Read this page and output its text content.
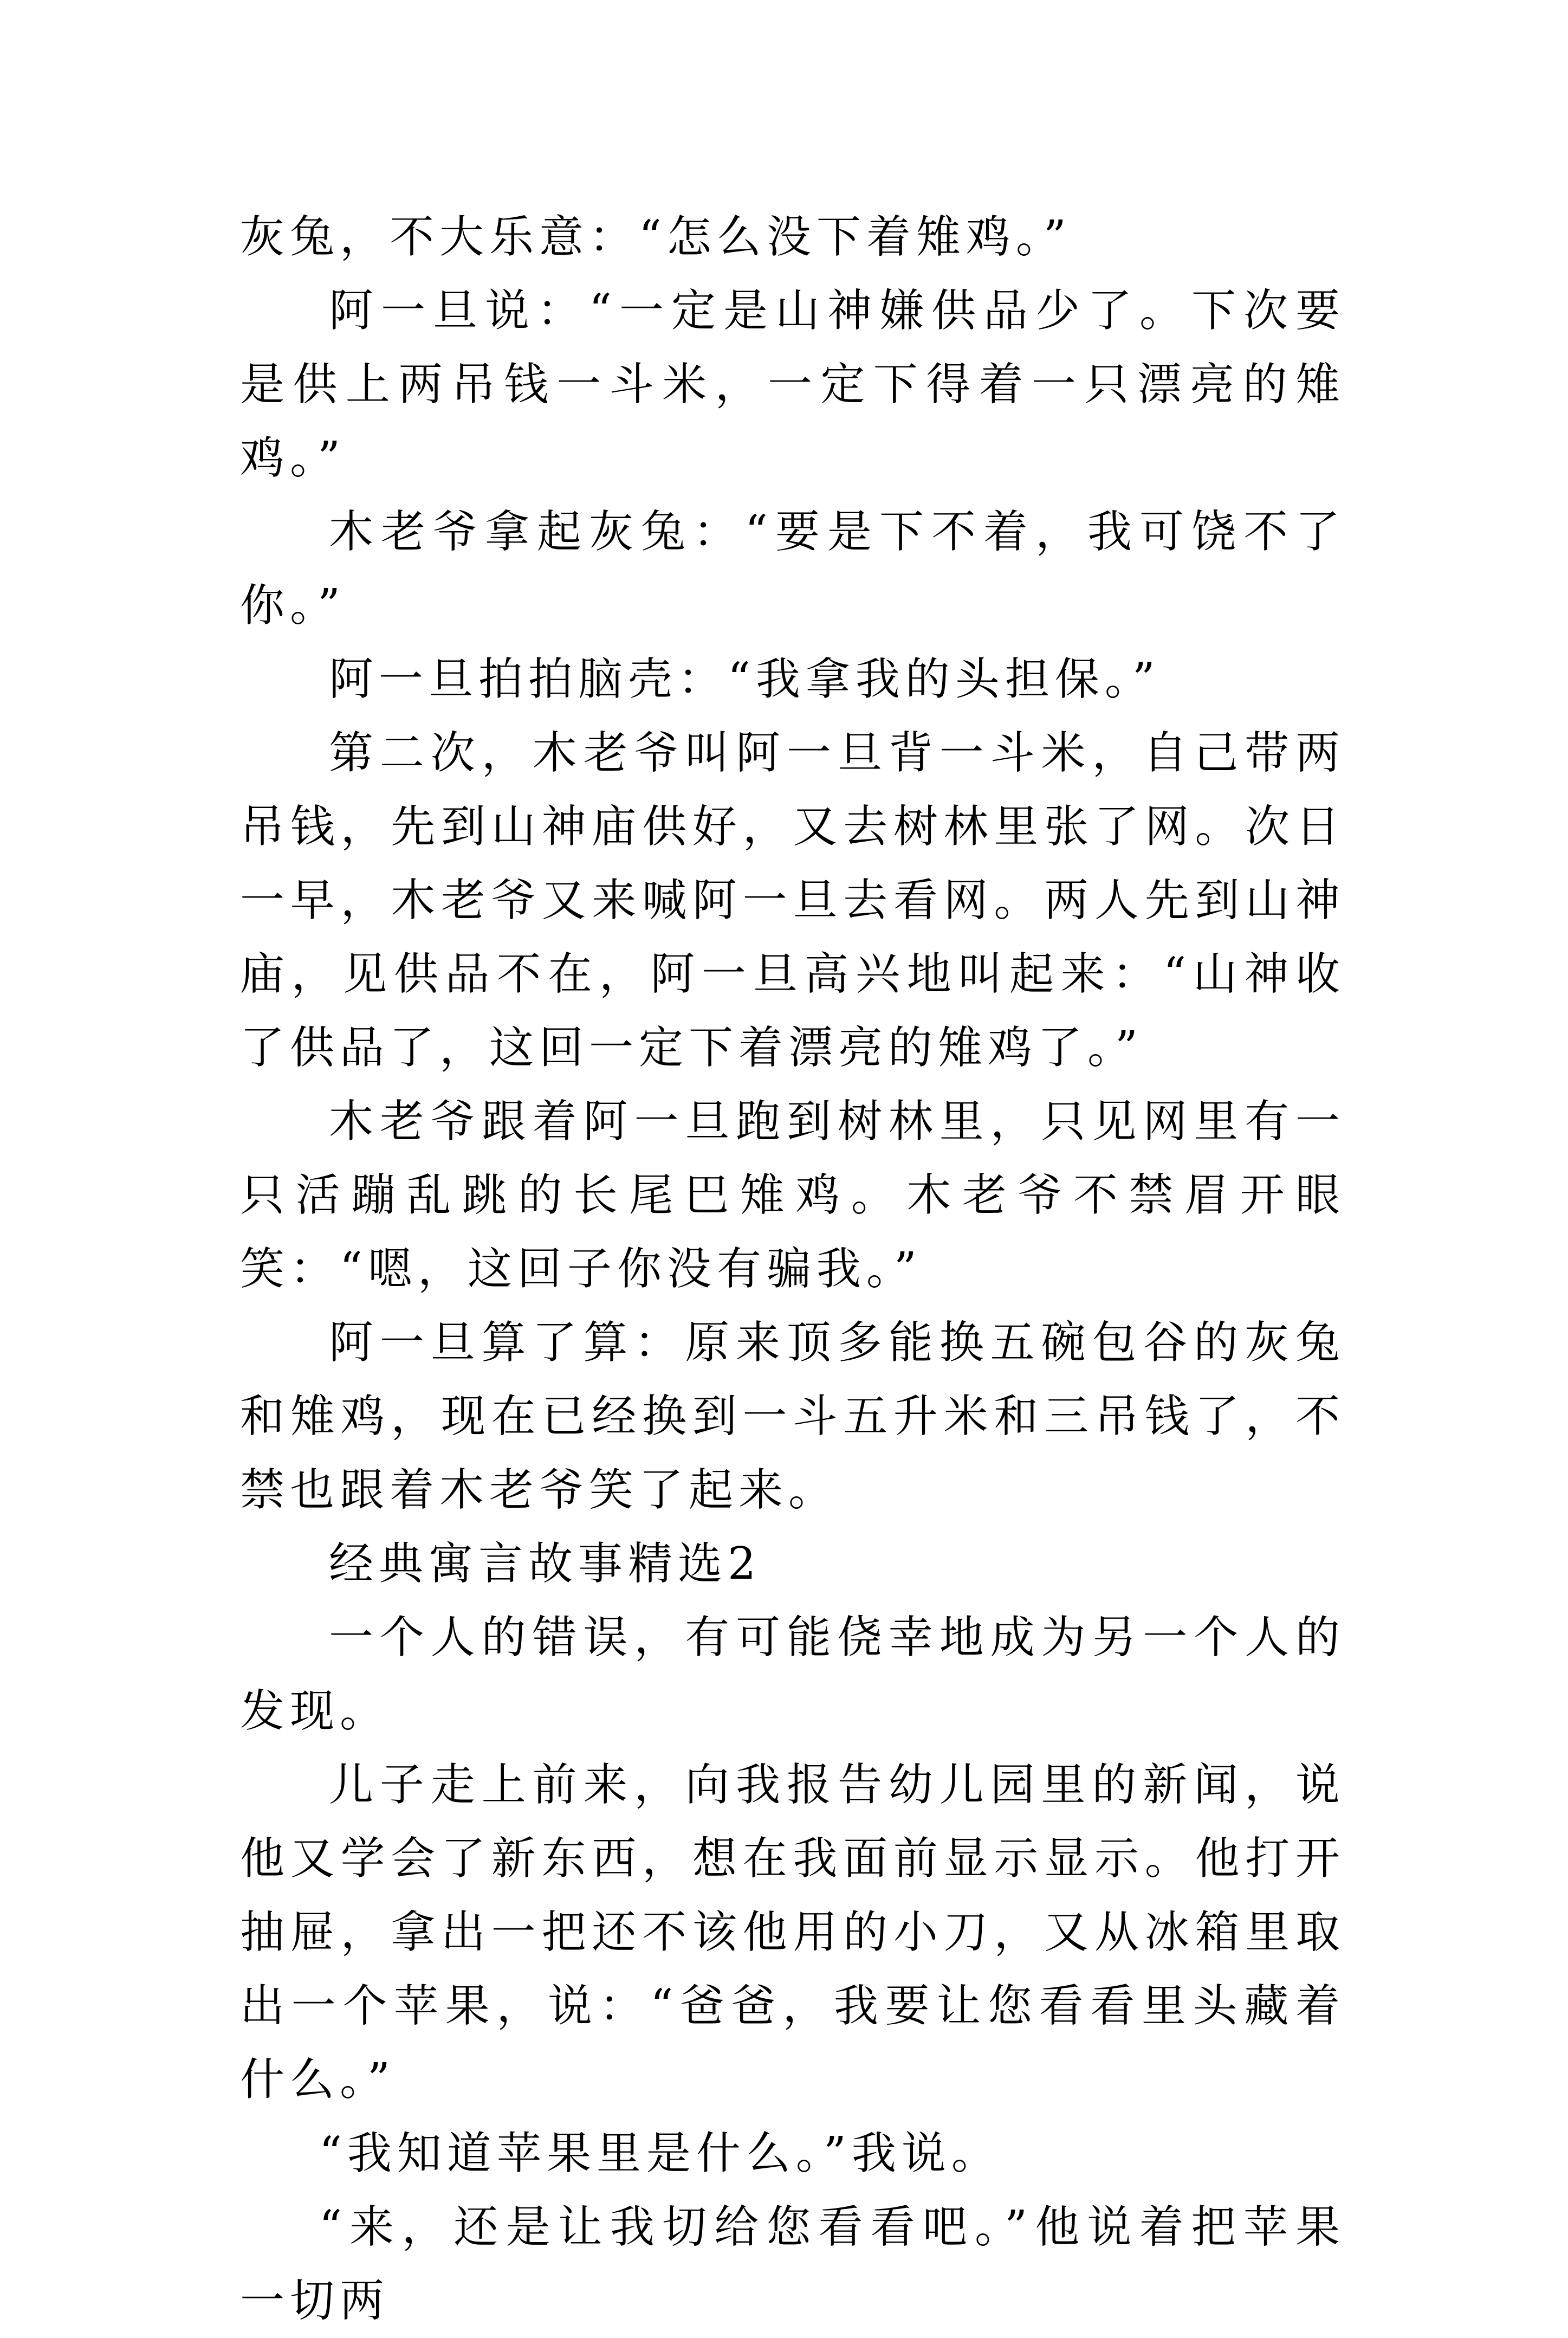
灰兔，不大乐意：“怎么没下着雉鸡。”

阿一旦说：“一定是山神嫌供品少了。下次要是供上两吊钱一斗米，一定下得着一只漂亮的雉鸡。”

木老爷拿起灰兔：“要是下不着，我可饶不了你。”

阿一旦拍拍脑壳：“我拿我的头担保。”

第二次，木老爷叫阿一旦背一斗米，自己带两吊钱，先到山神庙供好，又去树林里张了网。次日一早，木老爷又来喊阿一旦去看网。两人先到山神庙，见供品不在，阿一旦高兴地叫起来：“山神收了供品了，这回一定下着漂亮的雉鸡了。”

木老爷跟着阿一旦跑到树林里，只见网里有一只活蹦乱跳的长尾巴雉鸡。木老爷不禁眉开眼笑：“嗯，这回子你没有骗我。”

阿一旦算了算：原来顶多能换五碗包谷的灰兔和雉鸡，现在已经换到一斗五升米和三吊钱了，不禁也跟着木老爷笑了起来。

经典寓言故事精选2

一个人的错误，有可能侥幸地成为另一个人的发现。

儿子走上前来，向我报告幼儿园里的新闻，说他又学会了新东西，想在我面前显示显示。他打开抽屉，拿出一把还不该他用的小刀，又从冰箱里取出一个苹果，说：“爸爸，我要让您看看里头藏着什么。”

“我知道苹果里是什么。”我说。

“来，还是让我切给您看看吧。”他说着把苹果一切两
